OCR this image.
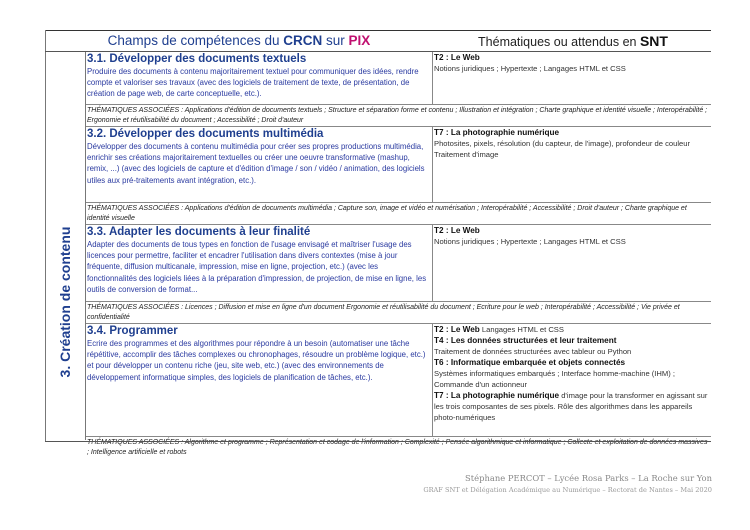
Champs de compétences du CRCN sur PIX	Thématiques ou attendus en SNT
3. Création de contenu
3.1. Développer des documents textuels
Produire des documents à contenu majoritairement textuel pour communiquer des idées, rendre compte et valoriser ses travaux (avec des logiciels de traitement de texte, de présentation, de création de page web, de carte conceptuelle, etc.).
T2 : Le Web
Notions juridiques ; Hypertexte ; Langages HTML et CSS
THÉMATIQUES ASSOCIÉES : Applications d'édition de documents textuels ; Structure et séparation forme et contenu ; Illustration et intégration ; Charte graphique et identité visuelle ; Interopérabilité ; Ergonomie et réutilisabilité du document ; Accessibilité ; Droit d'auteur
3.2. Développer des documents multimédia
Développer des documents à contenu multimédia pour créer ses propres productions multimédia, enrichir ses créations majoritairement textuelles ou créer une oeuvre transformative (mashup, remix, ...) (avec des logiciels de capture et d'édition d'image / son / vidéo / animation, des logiciels utiles aux pré-traitements avant intégration, etc.).
T7 : La photographie numérique
Photosites, pixels, résolution (du capteur, de l'image), profondeur de couleur
Traitement d'image
THÉMATIQUES ASSOCIÉES : Applications d'édition de documents multimédia ; Capture son, image et vidéo et numérisation ; Interopérabilité ; Accessibilité ; Droit d'auteur ; Charte graphique et identité visuelle
3.3. Adapter les documents à leur finalité
Adapter des documents de tous types en fonction de l'usage envisagé et maîtriser l'usage des licences pour permettre, faciliter et encadrer l'utilisation dans divers contextes (mise à jour fréquente, diffusion multicanale, impression, mise en ligne, projection, etc.) (avec les fonctionnalités des logiciels liées à la préparation d'impression, de projection, de mise en ligne, les outils de conversion de format...
T2 : Le Web
Notions juridiques ; Hypertexte ; Langages HTML et CSS
THÉMATIQUES ASSOCIÉES : Licences ; Diffusion et mise en ligne d'un document Ergonomie et réutilisabilité du document ; Ecriture pour le web ; Interopérabilité ; Accessibilité ; Vie privée et confidentialité
3.4. Programmer
Ecrire des programmes et des algorithmes pour répondre à un besoin (automatiser une tâche répétitive, accomplir des tâches complexes ou chronophages, résoudre un problème logique, etc.) et pour développer un contenu riche (jeu, site web, etc.) (avec des environnements de développement informatique simples, des logiciels de planification de tâches, etc.).
T2 : Le Web Langages HTML et CSS
T4 : Les données structurées et leur traitement
Traitement de données structurées avec tableur ou Python
T6 : Informatique embarquée et objets connectés
Systèmes informatiques embarqués ; Interface homme-machine (IHM) ; Commande d'un actionneur
T7 : La photographie numérique d'image pour la transformer en agissant sur les trois composantes de ses pixels. Rôle des algorithmes dans les appareils photo-numériques
THÉMATIQUES ASSOCIÉES : Algorithme et programme ; Représentation et codage de l'information ; Complexité ; Pensée algorithmique et informatique ; Collecte et exploitation de données massives ; Intelligence artificielle et robots
Stéphane PERCOT – Lycée Rosa Parks – La Roche sur Yon
GRAF SNT et Délégation Académique au Numérique – Rectorat de Nantes – Mai 2020
